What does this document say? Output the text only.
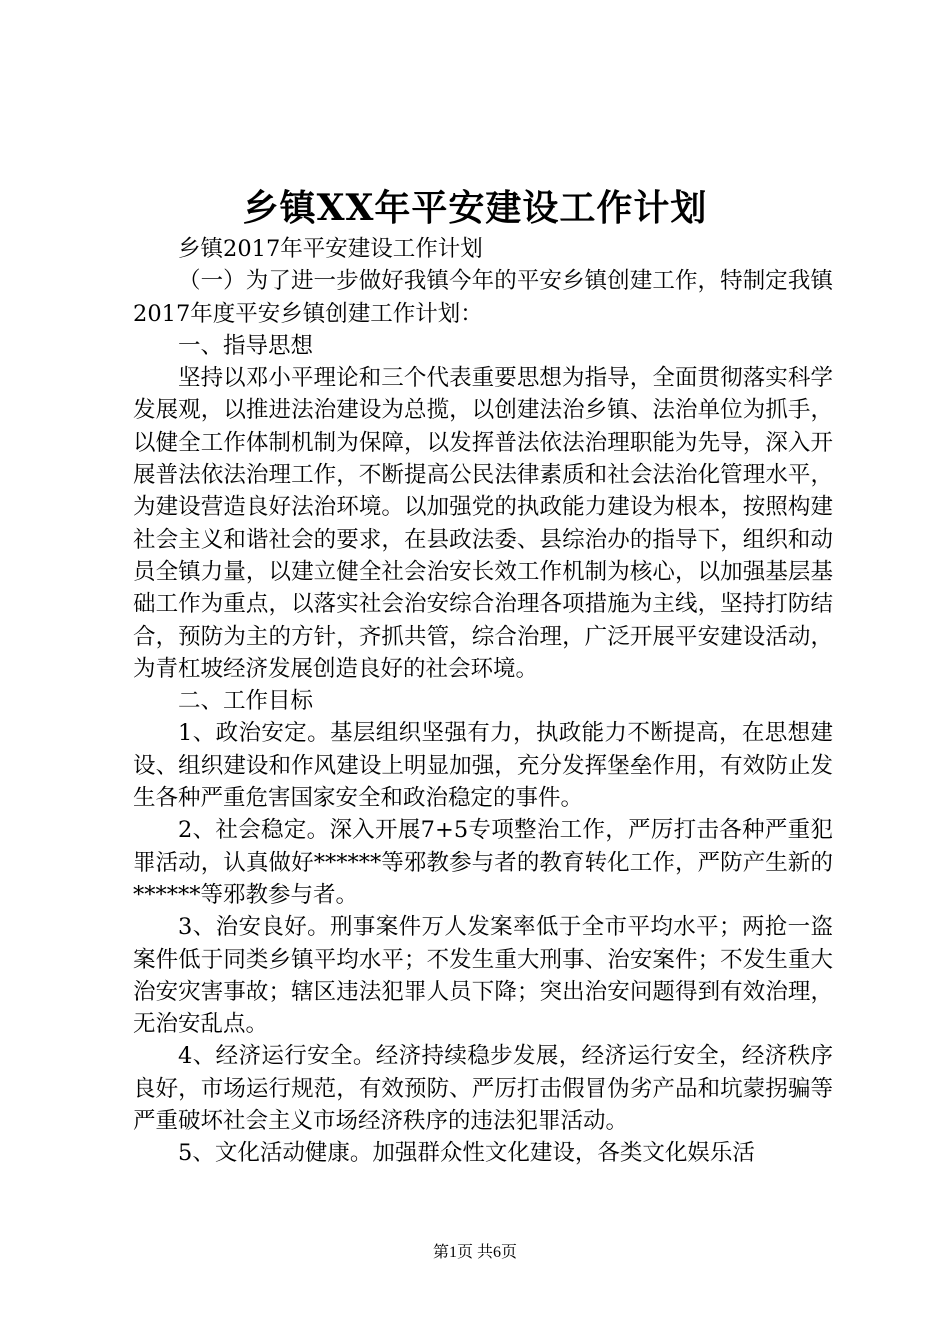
乡镇XX年平安建设工作计划

乡镇2017年平安建设工作计划

（一）为了进一步做好我镇今年的平安乡镇创建工作，特制定我镇2017年度平安乡镇创建工作计划：

一、指导思想

坚持以邓小平理论和三个代表重要思想为指导，全面贯彻落实科学发展观，以推进法治建设为总揽，以创建法治乡镇、法治单位为抓手，以健全工作体制机制为保障，以发挥普法依法治理职能为先导，深入开展普法依法治理工作，不断提高公民法律素质和社会法治化管理水平，为建设营造良好法治环境。以加强党的执政能力建设为根本，按照构建社会主义和谐社会的要求，在县政法委、县综治办的指导下，组织和动员全镇力量，以建立健全社会治安长效工作机制为核心，以加强基层基础工作为重点，以落实社会治安综合治理各项措施为主线，坚持打防结合，预防为主的方针，齐抓共管，综合治理，广泛开展平安建设活动，为青杠坡经济发展创造良好的社会环境。

二、工作目标

1、政治安定。基层组织坚强有力，执政能力不断提高，在思想建设、组织建设和作风建设上明显加强，充分发挥堡垒作用，有效防止发生各种严重危害国家安全和政治稳定的事件。

2、社会稳定。深入开展7+5专项整治工作，严厉打击各种严重犯罪活动，认真做好******等邪教参与者的教育转化工作，严防产生新的******等邪教参与者。

3、治安良好。刑事案件万人发案率低于全市平均水平；两抢一盗案件低于同类乡镇平均水平；不发生重大刑事、治安案件；不发生重大治安灾害事故；辖区违法犯罪人员下降；突出治安问题得到有效治理，无治安乱点。

4、经济运行安全。经济持续稳步发展，经济运行安全，经济秩序良好，市场运行规范，有效预防、严厉打击假冒伪劣产品和坑蒙拐骗等严重破坏社会主义市场经济秩序的违法犯罪活动。

5、文化活动健康。加强群众性文化建设，各类文化娱乐活

第1页 共6页
